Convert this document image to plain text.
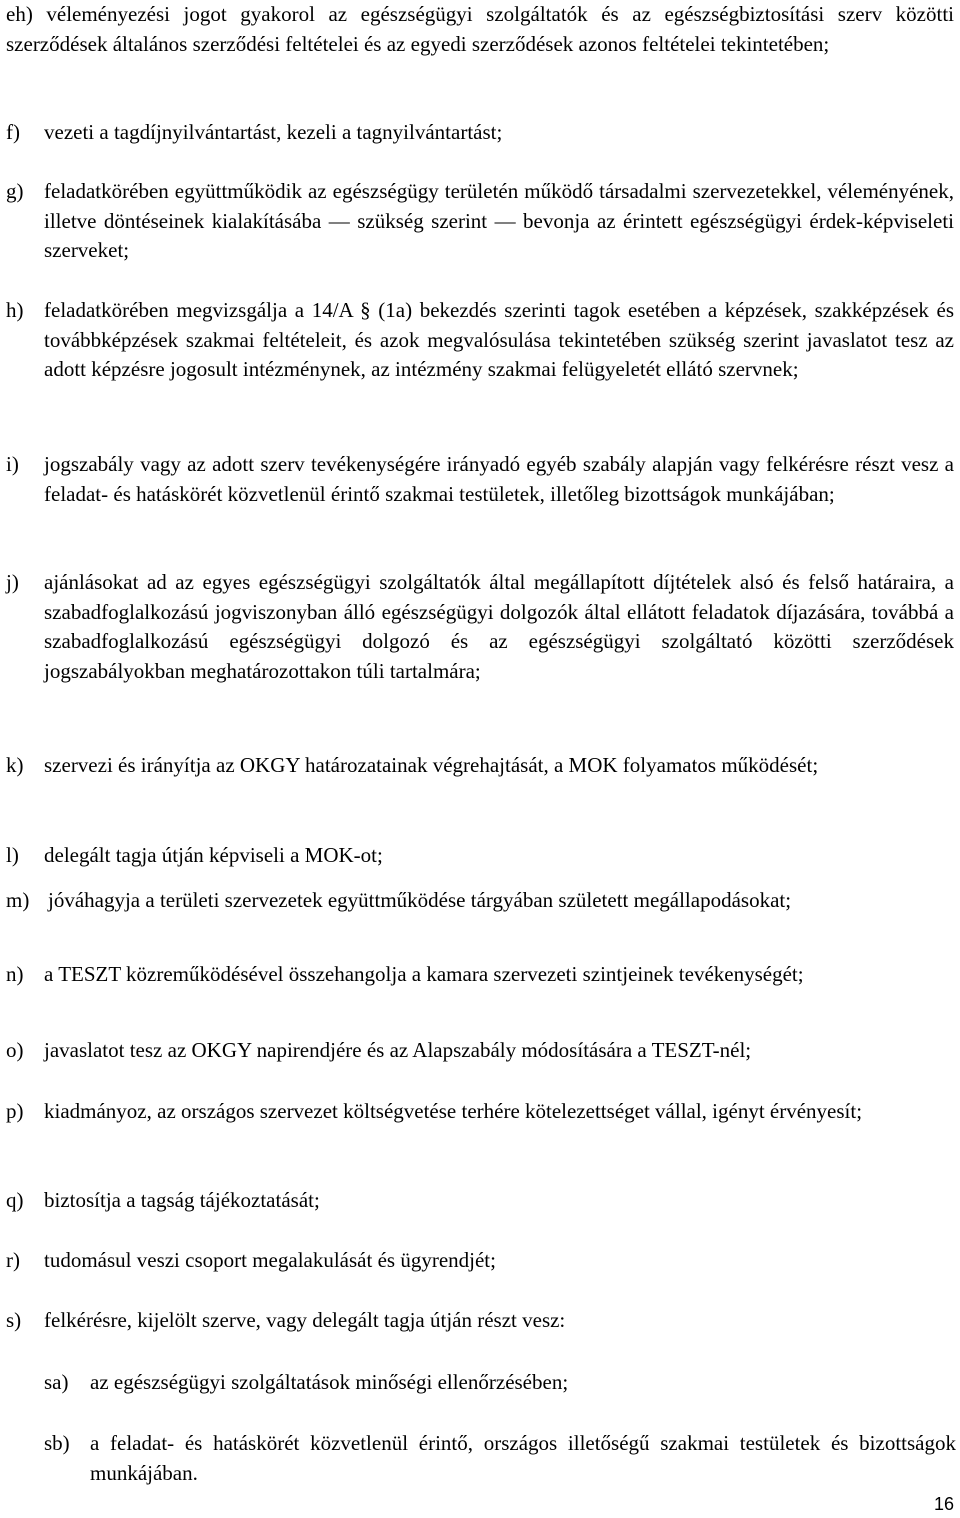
eh) véleményezési jogot gyakorol az egészségügyi szolgáltatók és az egészségbiztosítási szerv közötti szerződések általános szerződési feltételei és az egyedi szerződések azonos feltételei tekintetében;
f) vezeti a tagdíjnyilvántartást, kezeli a tagnyilvántartást;
g) feladatkörében együttműködik az egészségügy területén működő társadalmi szervezetekkel, véleményének, illetve döntéseinek kialakításába — szükség szerint — bevonja az érintett egészségügyi érdek-képviseleti szerveket;
h) feladatkörében megvizsgálja a 14/A § (1a) bekezdés szerinti tagok esetében a képzések, szakképzések és továbbképzések szakmai feltételeit, és azok megvalósulása tekintetében szükség szerint javaslatot tesz az adott képzésre jogosult intézménynek, az intézmény szakmai felügyeletét ellátó szervnek;
i) jogszabály vagy az adott szerv tevékenységére irányadó egyéb szabály alapján vagy felkérésre részt vesz a feladat- és hatáskörét közvetlenül érintő szakmai testületek, illetőleg bizottságok munkájában;
j) ajánlásokat ad az egyes egészségügyi szolgáltatók által megállapított díjtételek alsó és felső határaira, a szabadfoglalkozású jogviszonyban álló egészségügyi dolgozók által ellátott feladatok díjazására, továbbá a szabadfoglalkozású egészségügyi dolgozó és az egészségügyi szolgáltató közötti szerződések jogszabályokban meghatározottakon túli tartalmára;
k) szervezi és irányítja az OKGY határozatainak végrehajtását, a MOK folyamatos működését;
l) delegált tagja útján képviseli a MOK-ot;
m) jóváhagyja a területi szervezetek együttműködése tárgyában született megállapodásokat;
n) a TESZT közreműködésével összehangolja a kamara szervezeti szintjeinek tevékenységét;
o) javaslatot tesz az OKGY napirendjére és az Alapszabály módosítására a TESZT-nél;
p) kiadmányoz, az országos szervezet költségvetése terhére kötelezettséget vállal, igényt érvényesít;
q) biztosítja a tagság tájékoztatását;
r) tudomásul veszi csoport megalakulását és ügyrendjét;
s) felkérésre, kijelölt szerve, vagy delegált tagja útján részt vesz:
sa) az egészségügyi szolgáltatások minőségi ellenőrzésében;
sb) a feladat- és hatáskörét közvetlenül érintő, országos illetőségű szakmai testületek és bizottságok munkájában.
16
